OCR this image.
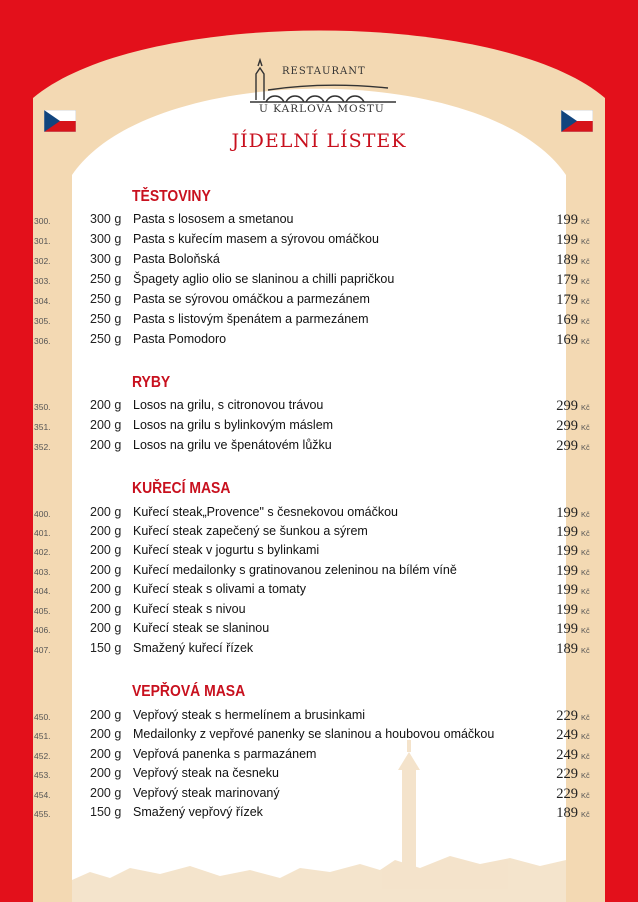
RESTAURANT
U KARLOVA MOSTU
JÍDELNÍ LÍSTEK
TĚSTOVINY
300.	300 g Pasta s lososem a smetanou	199 Kč
301.	300 g Pasta s kuřecím masem a sýrovou omáčkou	199 Kč
302.	300 g Pasta Boloňská	189 Kč
303.	250 g Špagety aglio olio se slaninou a chilli papričkou	179 Kč
304.	250 g Pasta se sýrovou omáčkou a parmezánem	179 Kč
305.	250 g Pasta s listovým špenátem a parmezánem	169 Kč
306.	250 g Pasta Pomodoro	169 Kč
RYBY
350.	200 g Losos na grilu, s citronovou trávou	299 Kč
351.	200 g Losos na grilu s bylinkovým máslem	299 Kč
352.	200 g Losos na grilu ve špenátovém lůžku	299 Kč
KUŘECÍ MASA
400.	200 g Kuřecí steak„Provence" s česnekovou omáčkou	199 Kč
401.	200 g Kuřecí steak zapečený se šunkou a sýrem	199 Kč
402.	200 g Kuřecí steak v jogurtu s bylinkami	199 Kč
403.	200 g Kuřecí medailonky s gratinovanou zeleninou na bílém víně	199 Kč
404.	200 g Kuřecí steak s olivami a tomaty	199 Kč
405.	200 g Kuřecí steak s nivou	199 Kč
406.	200 g Kuřecí steak se slaninou	199 Kč
407.	150 g Smažený kuřecí řízek	189 Kč
VEPŘOVÁ MASA
450.	200 g Vepřový steak s hermelínem a brusinkami	229 Kč
451.	200 g Medailonky z vepřové panenky se slaninou a houbovou omáčkou	249 Kč
452.	200 g Vepřová panenka s parmazánem	249 Kč
453.	200 g Vepřový steak na česneku	229 Kč
454.	200 g Vepřový steak marinovaný	229 Kč
455.	150 g Smažený vepřový řízek	189 Kč
